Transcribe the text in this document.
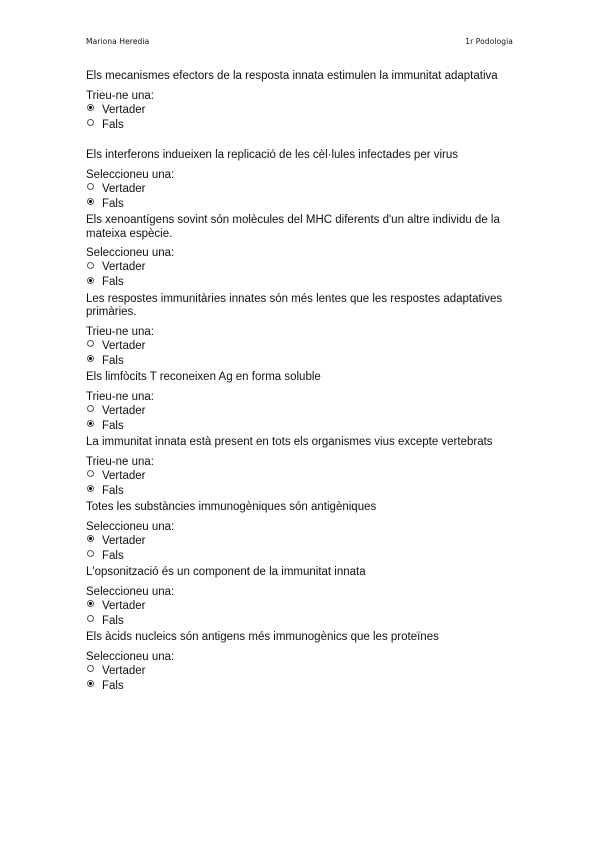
Mariona Heredia	1r Podologia
Els mecanismes efectors de la resposta innata estimulen la immunitat adaptativa
Trieu-ne una:
Vertader
Fals
Els interferons indueixen la replicació de les cèl·lules infectades per virus
Seleccioneu una:
Vertader
Fals
Els xenoantígens sovint són molècules del MHC diferents d'un altre individu de la mateixa espècie.
Seleccioneu una:
Vertader
Fals
Les respostes immunitàries innates són més lentes que les respostes adaptatives primàries.
Trieu-ne una:
Vertader
Fals
Els limfòcits T reconeixen Ag en forma soluble
Trieu-ne una:
Vertader
Fals
La immunitat innata està present en tots els organismes vius excepte vertebrats
Trieu-ne una:
Vertader
Fals
Totes les substàncies immunogèniques són antigèniques
Seleccioneu una:
Vertader
Fals
L'opsonització és un component de la immunitat innata
Seleccioneu una:
Vertader
Fals
Els àcids nucleics són antigens més immunogènics que les proteïnes
Seleccioneu una:
Vertader
Fals
